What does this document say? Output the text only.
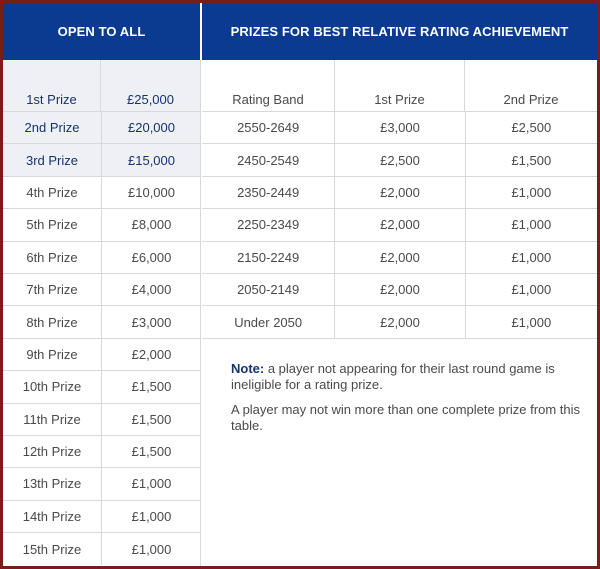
OPEN TO ALL	PRIZES FOR BEST RELATIVE RATING ACHIEVEMENT
1st Prize	£25,000
2nd Prize	£20,000
3rd Prize	£15,000
4th Prize	£10,000
5th Prize	£8,000
6th Prize	£6,000
7th Prize	£4,000
8th Prize	£3,000
9th Prize	£2,000
10th Prize	£1,500
11th Prize	£1,500
12th Prize	£1,500
13th Prize	£1,000
14th Prize	£1,000
15th Prize	£1,000
Rating Band	1st Prize	2nd Prize
2550-2649	£3,000	£2,500
2450-2549	£2,500	£1,500
2350-2449	£2,000	£1,000
2250-2349	£2,000	£1,000
2150-2249	£2,000	£1,000
2050-2149	£2,000	£1,000
Under 2050	£2,000	£1,000

Note: a player not appearing for their last round game is ineligible for a rating prize.

A player may not win more than one complete prize from this table.
